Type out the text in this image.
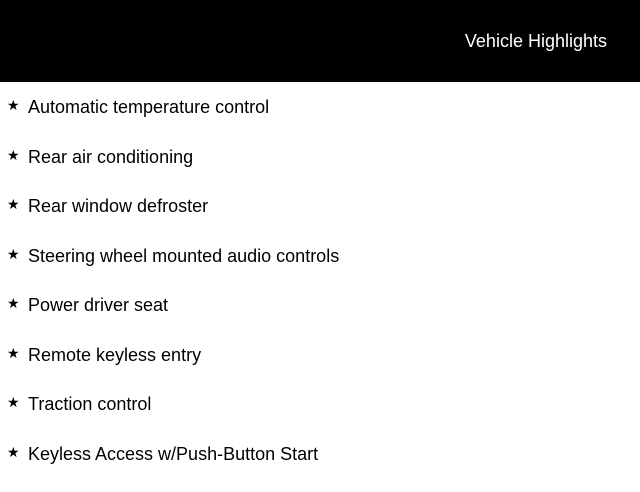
Vehicle Highlights
★ Automatic temperature control
★ Rear air conditioning
★ Rear window defroster
★ Steering wheel mounted audio controls
★ Power driver seat
★ Remote keyless entry
★ Traction control
★ Keyless Access w/Push-Button Start
